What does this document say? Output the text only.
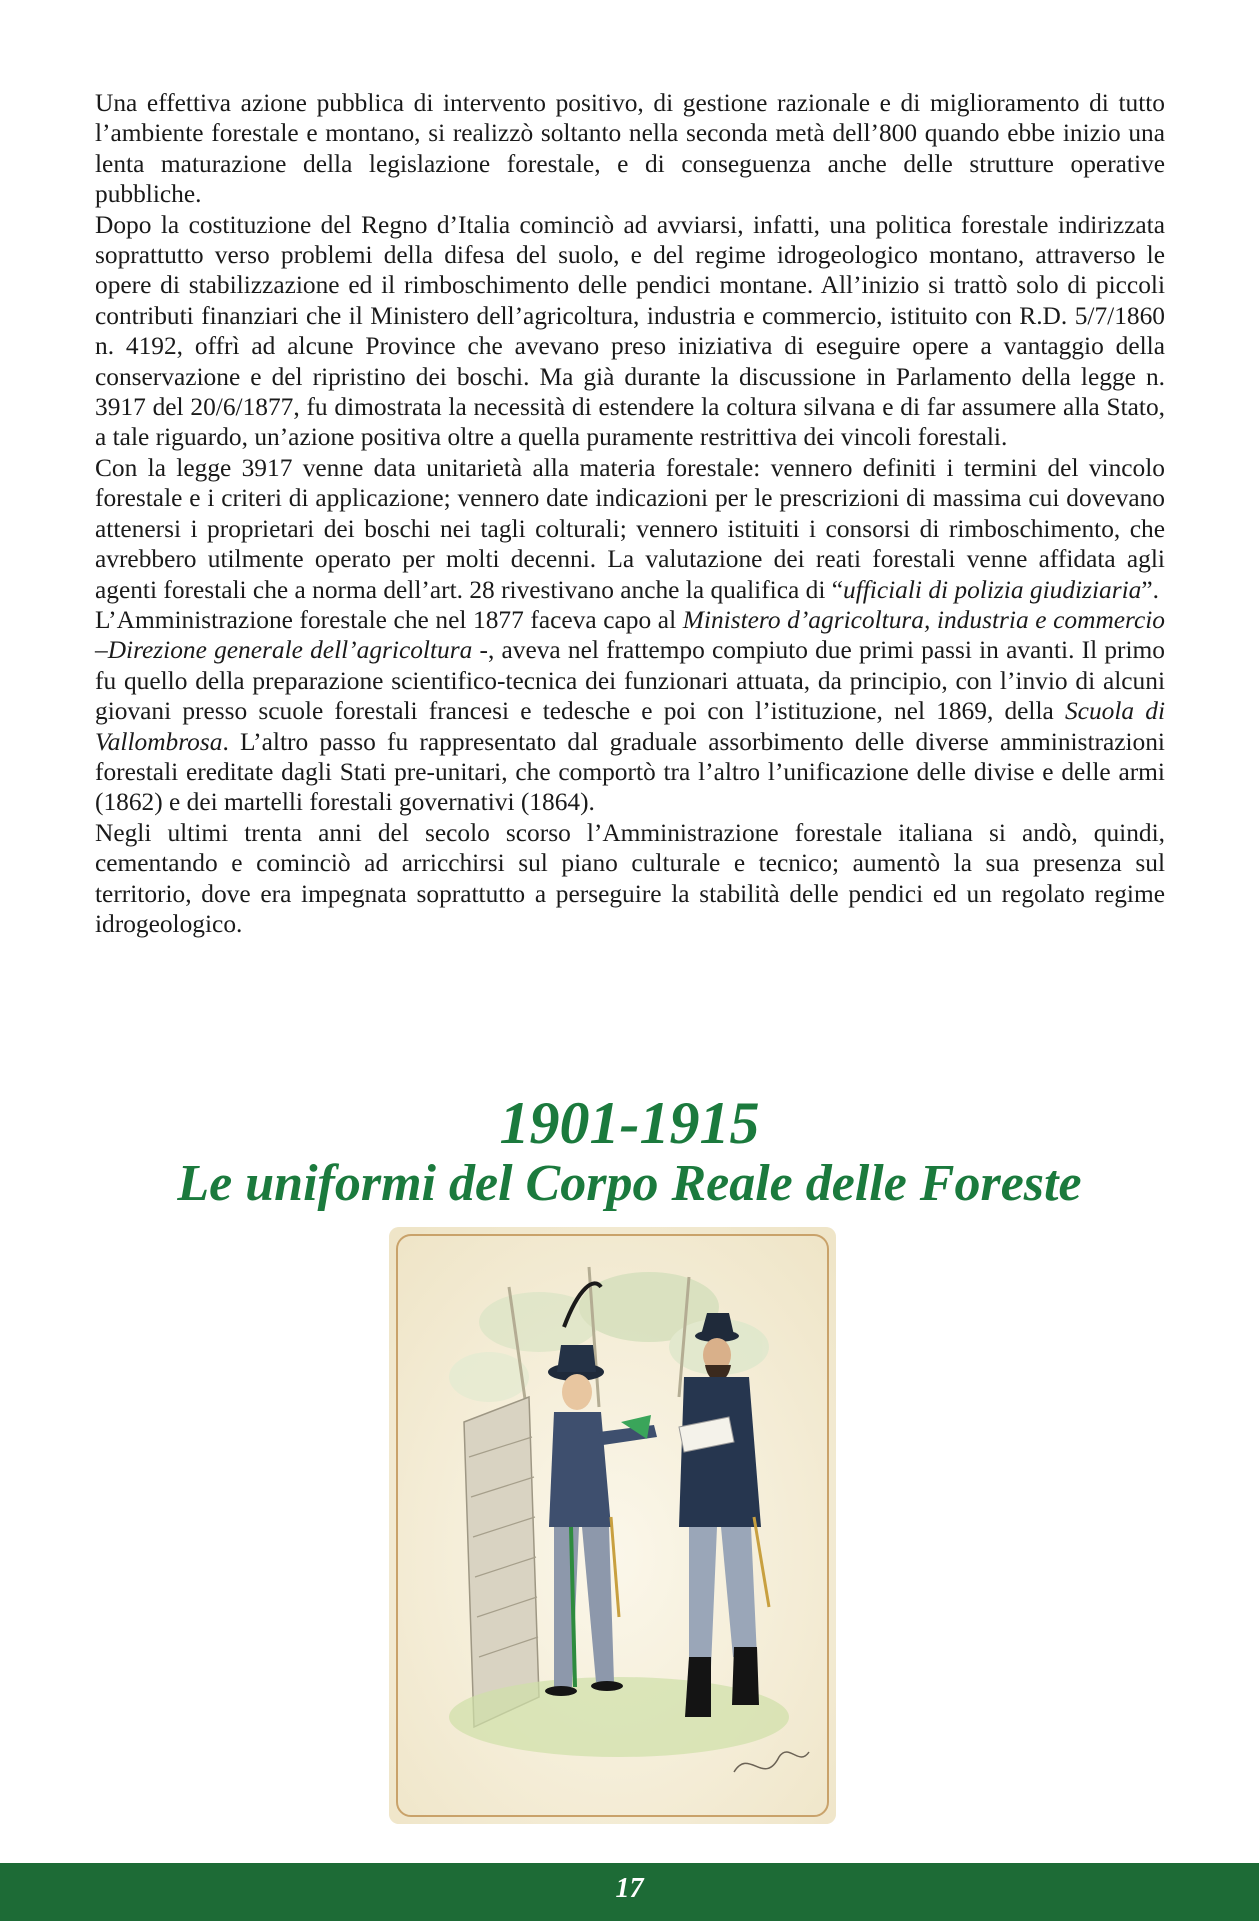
Una effettiva azione pubblica di intervento positivo, di gestione razionale e di miglioramento di tutto l’ambiente forestale e montano, si realizzò soltanto nella seconda metà dell’800 quando ebbe inizio una lenta maturazione della legislazione forestale, e di conseguenza anche delle strutture operative pubbliche.

Dopo la costituzione del Regno d’Italia cominciò ad avviarsi, infatti, una politica forestale indirizzata soprattutto verso problemi della difesa del suolo, e del regime idrogeologico montano, attraverso le opere di stabilizzazione ed il rimboschimento delle pendici montane. All’inizio si trattò solo di piccoli contributi finanziari che il Ministero dell’agricoltura, industria e commercio, istituito con R.D. 5/7/1860 n. 4192, offrì ad alcune Province che avevano preso iniziativa di eseguire opere a vantaggio della conservazione e del ripristino dei boschi. Ma già durante la discussione in Parlamento della legge n. 3917 del 20/6/1877, fu dimostrata la necessità di estendere la coltura silvana e di far assumere alla Stato, a tale riguardo, un’azione positiva oltre a quella puramente restrittiva dei vincoli forestali.

Con la legge 3917 venne data unitarietà alla materia forestale: vennero definiti i termini del vincolo forestale e i criteri di applicazione; vennero date indicazioni per le prescrizioni di massima cui dovevano attenersi i proprietari dei boschi nei tagli colturali; vennero istituiti i consorsi di rimboschimento, che avrebbero utilmente operato per molti decenni. La valutazione dei reati forestali venne affidata agli agenti forestali che a norma dell’art. 28 rivestivano anche la qualifica di “ufficiali di polizia giudiziaria”.

L’Amministrazione forestale che nel 1877 faceva capo al Ministero d’agricoltura, industria e commercio –Direzione generale dell’agricoltura -, aveva nel frattempo compiuto due primi passi in avanti. Il primo fu quello della preparazione scientifico-tecnica dei funzionari attuata, da principio, con l’invio di alcuni giovani presso scuole forestali francesi e tedesche e poi con l’istituzione, nel 1869, della Scuola di Vallombrosa. L’altro passo fu rappresentato dal graduale assorbimento delle diverse amministrazioni forestali ereditate dagli Stati pre-unitari, che comportò tra l’altro l’unificazione delle divise e delle armi (1862) e dei martelli forestali governativi (1864).

Negli ultimi trenta anni del secolo scorso l’Amministrazione forestale italiana si andò, quindi, cementando e cominciò ad arricchirsi sul piano culturale e tecnico; aumentò la sua presenza sul territorio, dove era impegnata soprattutto a perseguire la stabilità delle pendici ed un regolato regime idrogeologico.

1901-1915
Le uniformi del Corpo Reale delle Foreste
17
